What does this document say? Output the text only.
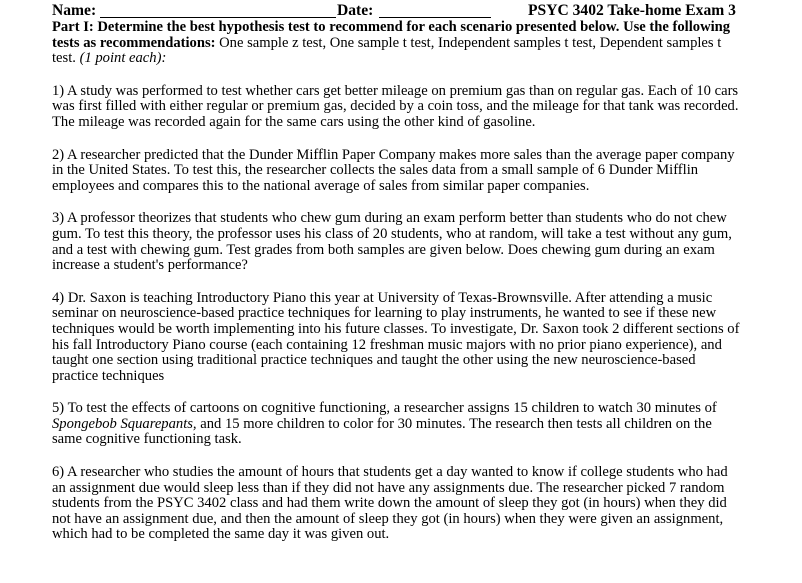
Name:	Date:	PSYC 3402 Take-home Exam 3
Part I: Determine the best hypothesis test to recommend for each scenario presented below. Use the following tests as recommendations: One sample z test, One sample t test, Independent samples t test, Dependent samples t test. (1 point each):

1) A study was performed to test whether cars get better mileage on premium gas than on regular gas. Each of 10 cars was first filled with either regular or premium gas, decided by a coin toss, and the mileage for that tank was recorded. The mileage was recorded again for the same cars using the other kind of gasoline.

2) A researcher predicted that the Dunder Mifflin Paper Company makes more sales than the average paper company in the United States. To test this, the researcher collects the sales data from a small sample of 6 Dunder Mifflin employees and compares this to the national average of sales from similar paper companies.

3) A professor theorizes that students who chew gum during an exam perform better than students who do not chew gum. To test this theory, the professor uses his class of 20 students, who at random, will take a test without any gum, and a test with chewing gum. Test grades from both samples are given below. Does chewing gum during an exam increase a student's performance?

4) Dr. Saxon is teaching Introductory Piano this year at University of Texas-Brownsville. After attending a music seminar on neuroscience-based practice techniques for learning to play instruments, he wanted to see if these new techniques would be worth implementing into his future classes. To investigate, Dr. Saxon took 2 different sections of his fall Introductory Piano course (each containing 12 freshman music majors with no prior piano experience), and taught one section using traditional practice techniques and taught the other using the new neuroscience-based practice techniques

5) To test the effects of cartoons on cognitive functioning, a researcher assigns 15 children to watch 30 minutes of Spongebob Squarepants, and 15 more children to color for 30 minutes. The research then tests all children on the same cognitive functioning task.

6) A researcher who studies the amount of hours that students get a day wanted to know if college students who had an assignment due would sleep less than if they did not have any assignments due. The researcher picked 7 random students from the PSYC 3402 class and had them write down the amount of sleep they got (in hours) when they did not have an assignment due, and then the amount of sleep they got (in hours) when they were given an assignment, which had to be completed the same day it was given out.
